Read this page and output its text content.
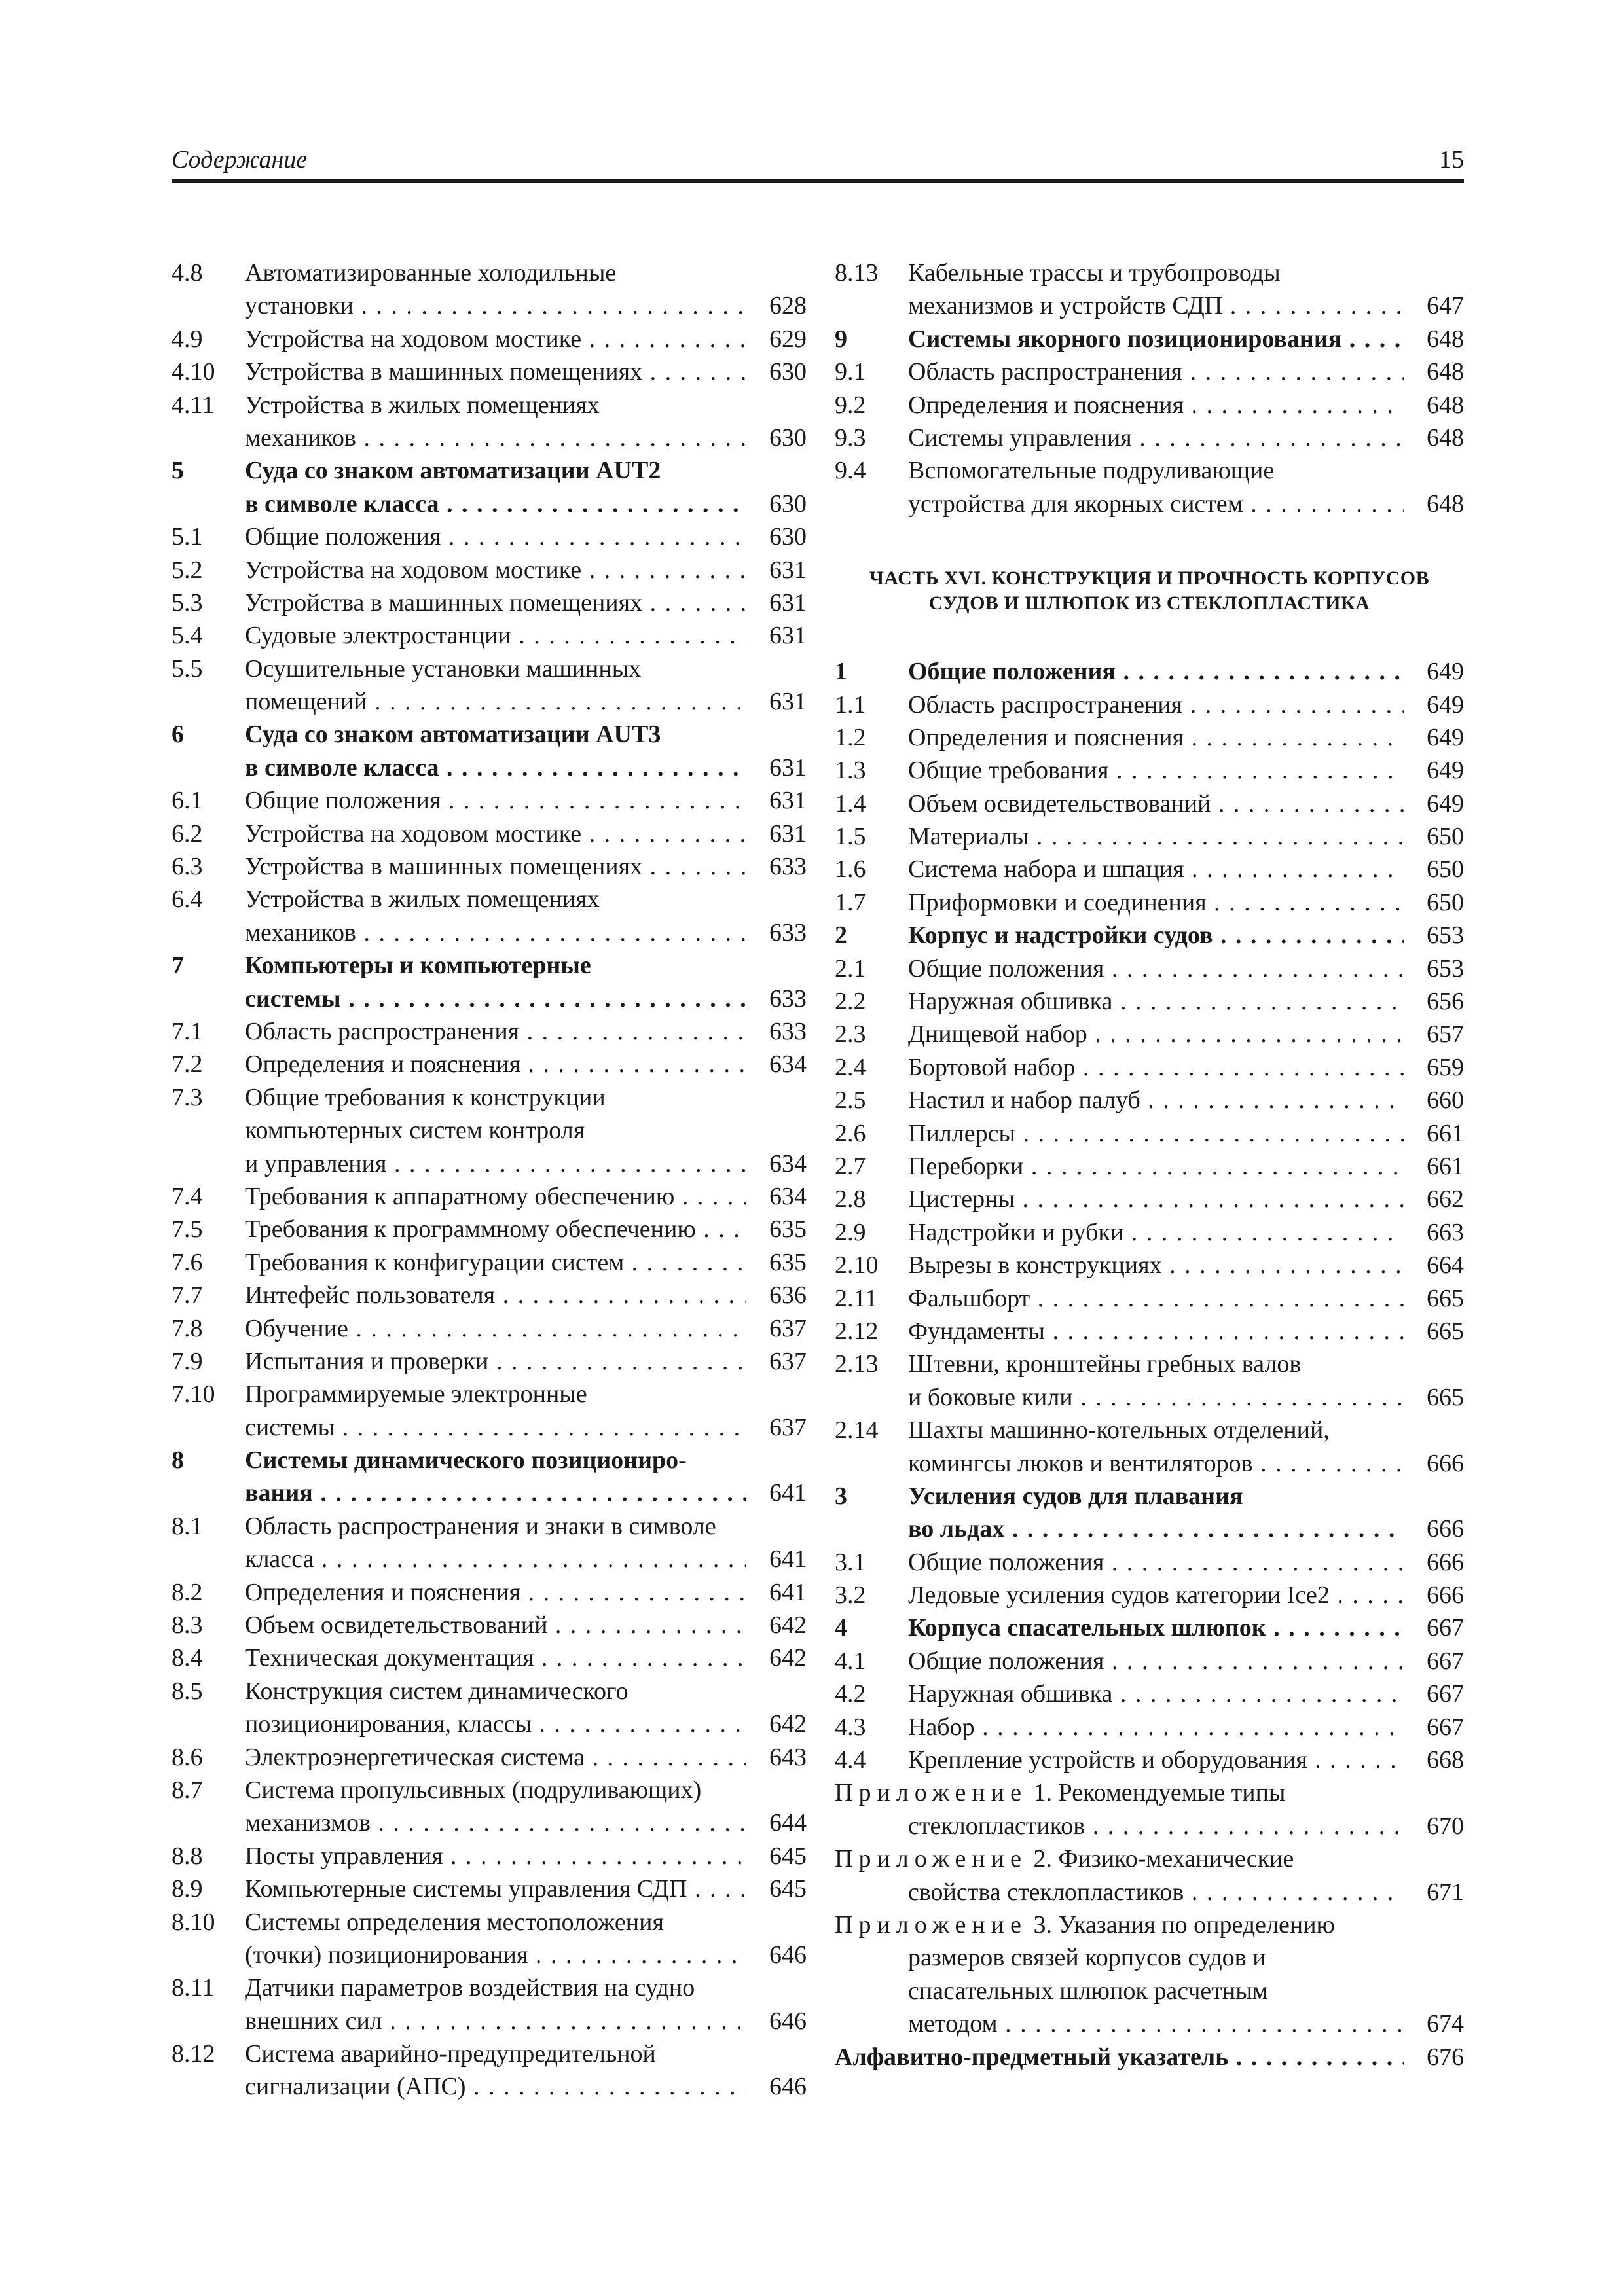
Содержание	15
4.8 Автоматизированные холодильные
установки . . .	628
4.9 Устройства на ходовом мостике . . .	629
4.10 Устройства в машинных помещениях . . .	630
4.11 Устройства в жилых помещениях
механиков . . .	630
5 Суда со знаком автоматизации AUT2
в символе класса . . .	630
5.1 Общие положения . . .	630
5.2 Устройства на ходовом мостике . . .	631
5.3 Устройства в машинных помещениях . . .	631
5.4 Судовые электростанции . . .	631
5.5 Осушительные установки машинных
помещений . . .	631
6 Суда со знаком автоматизации AUT3
в символе класса . . .	631
6.1 Общие положения . . .	631
6.2 Устройства на ходовом мостике . . .	631
6.3 Устройства в машинных помещениях . . .	633
6.4 Устройства в жилых помещениях
механиков . . .	633
7 Компьютеры и компьютерные
системы . . .	633
7.1 Область распространения . . .	633
7.2 Определения и пояснения . . .	634
7.3 Общие требования к конструкции
компьютерных систем контроля
и управления . . .	634
7.4 Требования к аппаратному обеспечению . . .	634
7.5 Требования к программному обеспечению . . .	635
7.6 Требования к конфигурации систем . . .	635
7.7 Интефейс пользователя . . .	636
7.8 Обучение . . .	637
7.9 Испытания и проверки . . .	637
7.10 Программируемые электронные
системы . . .	637
8 Системы динамического позициониро-
вания . . .	641
8.1 Область распространения и знаки в символе
класса . . .	641
8.2 Определения и пояснения . . .	641
8.3 Объем освидетельствований . . .	642
8.4 Техническая документация . . .	642
8.5 Конструкция систем динамического
позиционирования, классы . . .	642
8.6 Электроэнергетическая система . . .	643
8.7 Система пропульсивных (подруливающих)
механизмов . . .	644
8.8 Посты управления . . .	645
8.9 Компьютерные системы управления СДП . . .	645
8.10 Системы определения местоположения
(точки) позиционирования . . .	646
8.11 Датчики параметров воздействия на судно
внешних сил . . .	646
8.12 Система аварийно-предупредительной
сигнализации (АПС) . . .	646
8.13 Кабельные трассы и трубопроводы
механизмов и устройств СДП . . .	647
9 Системы якорного позиционирования . . .	648
9.1 Область распространения . . .	648
9.2 Определения и пояснения . . .	648
9.3 Системы управления . . .	648
9.4 Вспомогательные подруливающие
устройства для якорных систем . . .	648
ЧАСТЬ XVI. КОНСТРУКЦИЯ И ПРОЧНОСТЬ КОРПУСОВ
СУДОВ И ШЛЮПОК ИЗ СТЕКЛОПЛАСТИКА
1 Общие положения . . .	649
1.1 Область распространения . . .	649
1.2 Определения и пояснения . . .	649
1.3 Общие требования . . .	649
1.4 Объем освидетельствований . . .	649
1.5 Материалы . . .	650
1.6 Система набора и шпация . . .	650
1.7 Приформовки и соединения . . .	650
2 Корпус и надстройки судов . . .	653
2.1 Общие положения . . .	653
2.2 Наружная обшивка . . .	656
2.3 Днищевой набор . . .	657
2.4 Бортовой набор . . .	659
2.5 Настил и набор палуб . . .	660
2.6 Пиллерсы . . .	661
2.7 Переборки . . .	661
2.8 Цистерны . . .	662
2.9 Надстройки и рубки . . .	663
2.10 Вырезы в конструкциях . . .	664
2.11 Фальшборт . . .	665
2.12 Фундаменты . . .	665
2.13 Штевни, кронштейны гребных валов
и боковые кили . . .	665
2.14 Шахты машинно-котельных отделений,
комингсы люков и вентиляторов . . .	666
3 Усиления судов для плавания
во льдах . . .	666
3.1 Общие положения . . .	666
3.2 Ледовые усиления судов категории Ice2 . . .	666
4 Корпуса спасательных шлюпок . . .	667
4.1 Общие положения . . .	667
4.2 Наружная обшивка . . .	667
4.3 Набор . . .	667
4.4 Крепление устройств и оборудования . . .	668
Приложение 1. Рекомендуемые типы
стеклопластиков . . .	670
Приложение 2. Физико-механические
свойства стеклопластиков . . .	671
Приложение 3. Указания по определению
размеров связей корпусов судов и
спасательных шлюпок расчетным
методом . . .	674
Алфавитно-предметный указатель . . .	676
